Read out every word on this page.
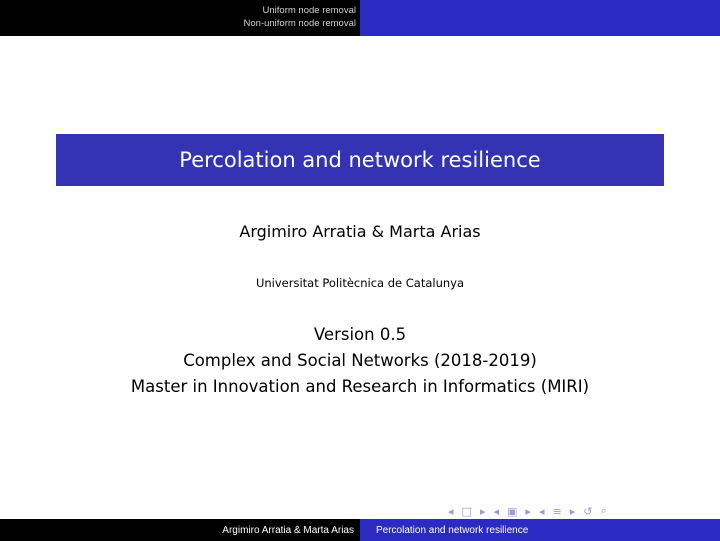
Uniform node removal
Non-uniform node removal
Percolation and network resilience
Argimiro Arratia & Marta Arias
Universitat Politècnica de Catalunya
Version 0.5
Complex and Social Networks (2018-2019)
Master in Innovation and Research in Informatics (MIRI)
◂ □ ▸ ◂ ▣ ▸ ◂ ≡ ▸ ↺ ⌕
Argimiro Arratia & Marta Arias	Percolation and network resilience
